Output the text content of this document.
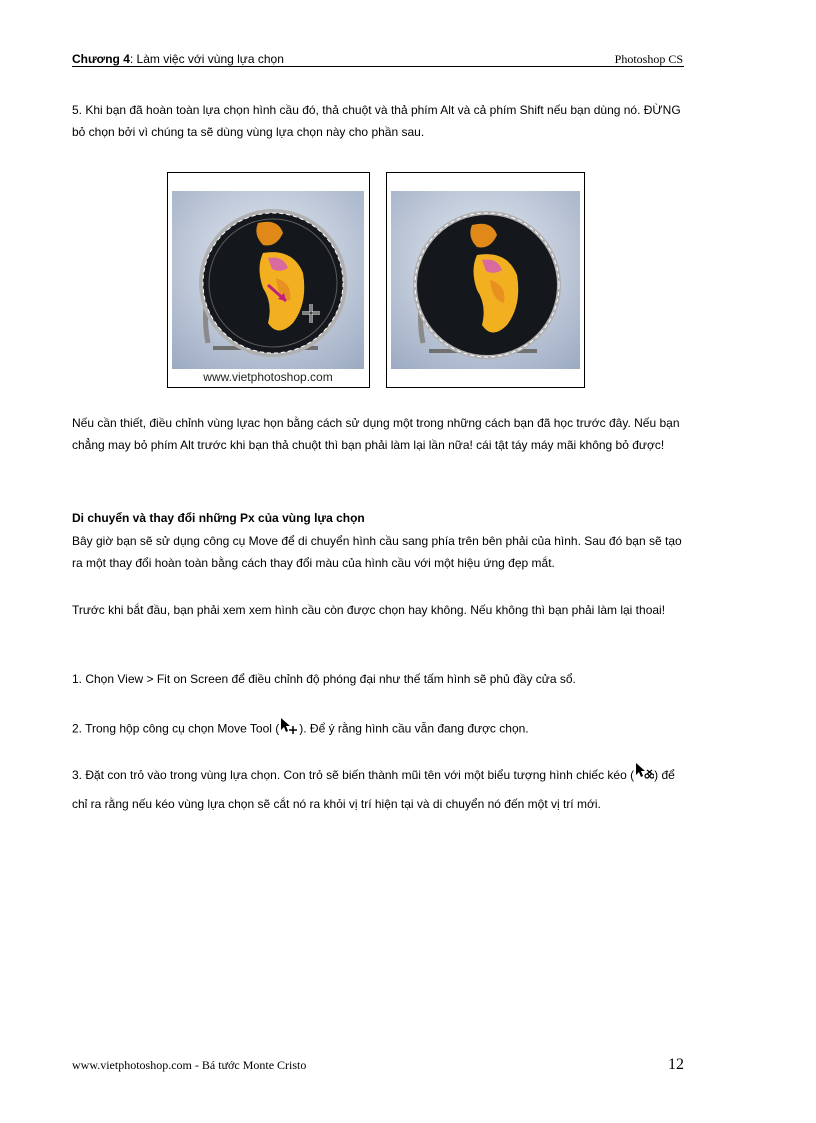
Chương 4: Làm việc với vùng lựa chọn	Photoshop CS

5. Khi bạn đã hoàn toàn lựa chọn hình cầu đó, thả chuột và thả phím Alt và cả phím Shift nếu bạn dùng nó. ĐỪNG bỏ chọn bởi vì chúng ta sẽ dùng vùng lựa chọn này cho phần sau.

www.vietphotoshop.com

Nếu cần thiết, điều chỉnh vùng lựac họn bằng cách sử dụng một trong những cách bạn đã học trước đây. Nếu bạn chẳng may bỏ phím Alt trước khi bạn thả chuột thì bạn phải làm lại lần nữa! cái tật táy máy mãi không bỏ được!

Di chuyển và thay đổi những Px của vùng lựa chọn

Bây giờ bạn sẽ sử dụng công cụ Move để di chuyển hình cầu sang phía trên bên phải của hình. Sau đó bạn sẽ tạo ra một thay đổi hoàn toàn bằng cách thay đổi màu của hình cầu với một hiệu ứng đẹp mắt.

Trước khi bắt đầu, bạn phải xem xem hình cầu còn được chọn hay không. Nếu không thì bạn phải làm lại thoai!

1. Chọn View > Fit on Screen để điều chỉnh độ phóng đại như thế tấm hình sẽ phủ đầy cửa sổ.

2. Trong hộp công cụ chọn Move Tool ( ). Để ý rằng hình cầu vẫn đang được chọn.

3. Đặt con trỏ vào trong vùng lựa chọn. Con trỏ sẽ biến thành mũi tên với một biểu tượng hình chiếc kéo ( ) để chỉ ra rằng nếu kéo vùng lựa chọn sẽ cắt nó ra khỏi vị trí hiện tại và di chuyển nó đến một vị trí mới.

www.vietphotoshop.com - Bá tước Monte Cristo	12
